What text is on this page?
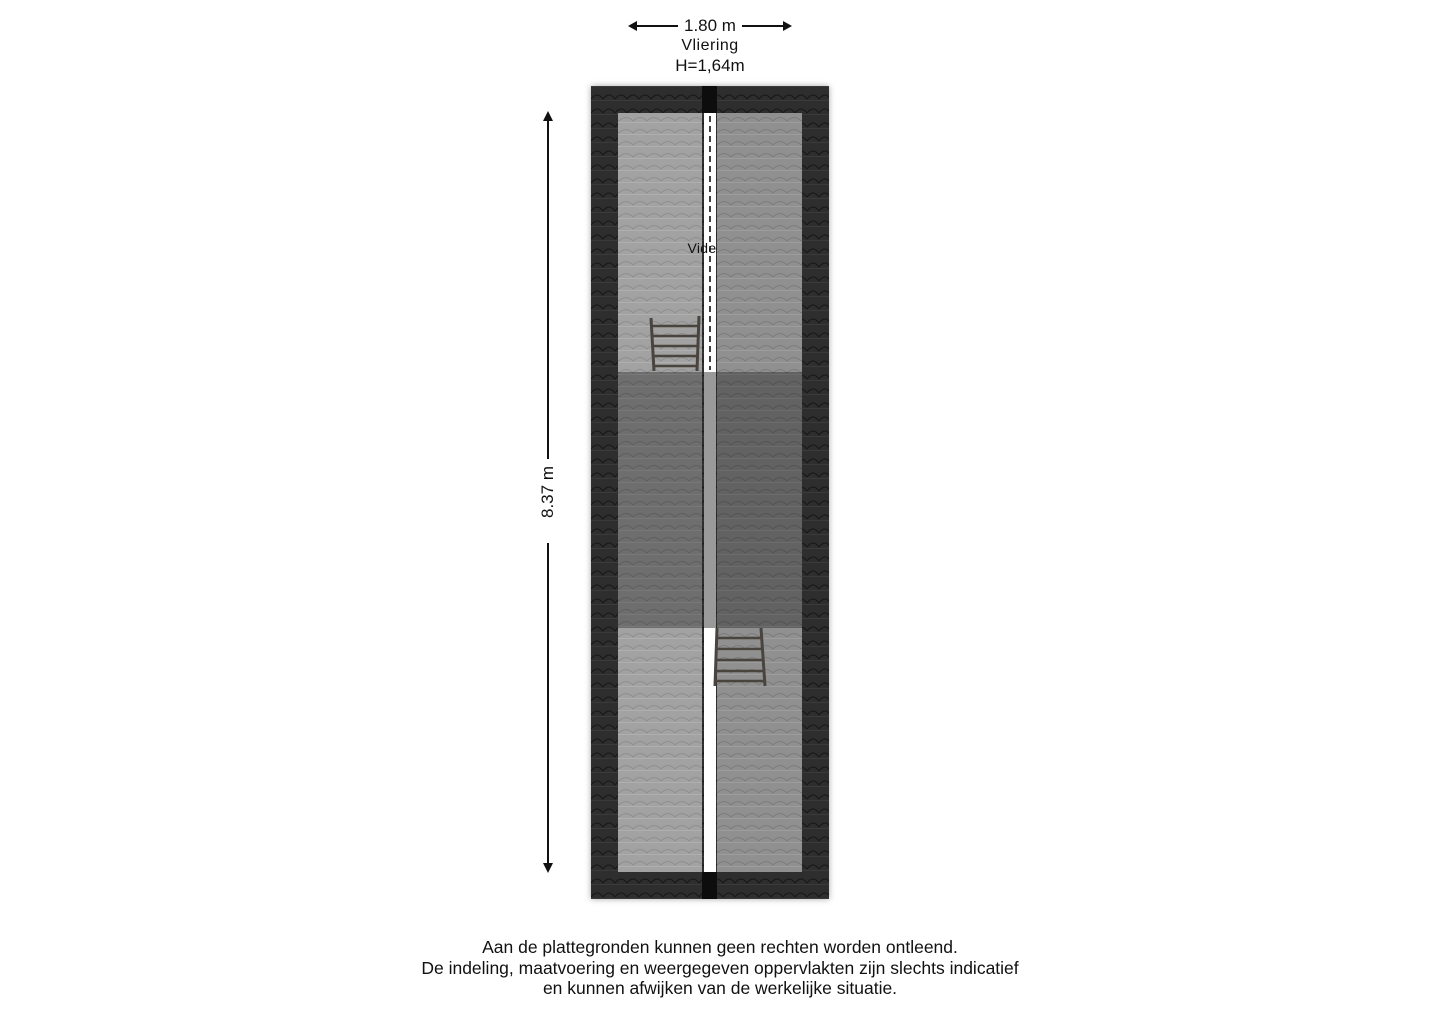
1.80 m
Vliering
H=1,64m
8.37 m
Vide
Aan de plattegronden kunnen geen rechten worden ontleend.
De indeling, maatvoering en weergegeven oppervlakten zijn slechts indicatief
en kunnen afwijken van de werkelijke situatie.
